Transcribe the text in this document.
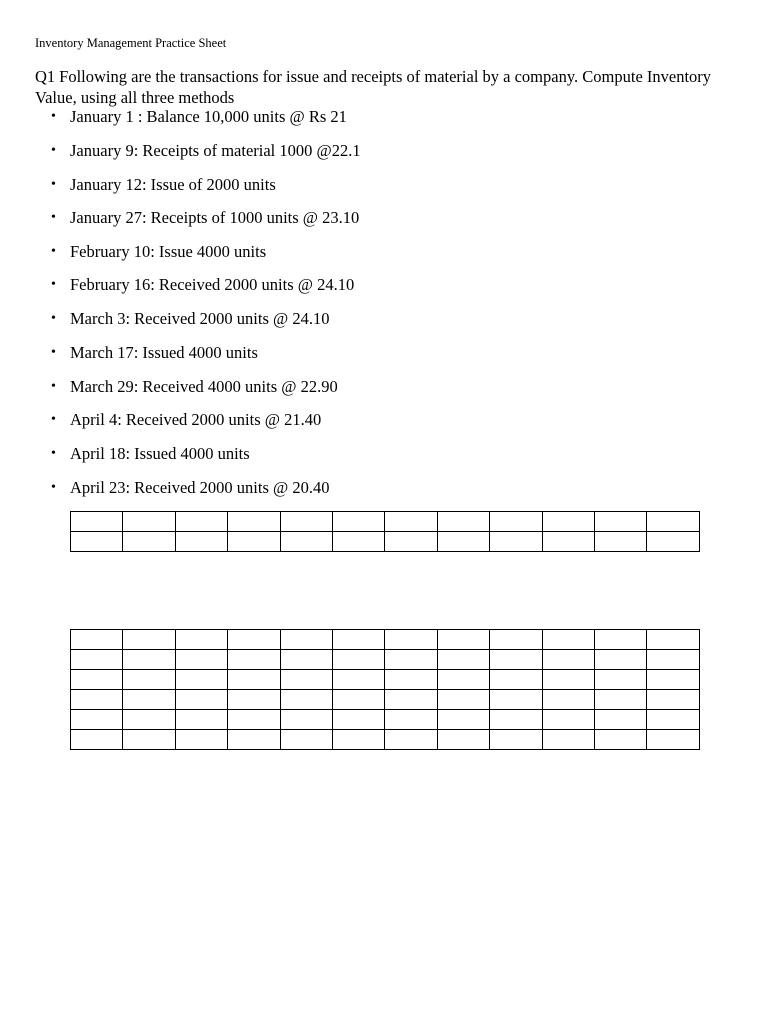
Inventory Management Practice Sheet
Q1 Following are the transactions for issue and receipts of material by a company. Compute Inventory Value, using all three methods
• January 1 : Balance 10,000 units @ Rs 21
• January 9: Receipts of material 1000 @22.1
• January 12: Issue of 2000 units
• January 27: Receipts of 1000 units @ 23.10
• February 10: Issue 4000 units
• February 16: Received 2000 units @ 24.10
• March 3: Received 2000 units @ 24.10
• March 17: Issued 4000 units
• March 29: Received 4000 units @ 22.90
• April 4: Received 2000 units @ 21.40
• April 18: Issued 4000 units
• April 23: Received 2000 units @ 20.40
